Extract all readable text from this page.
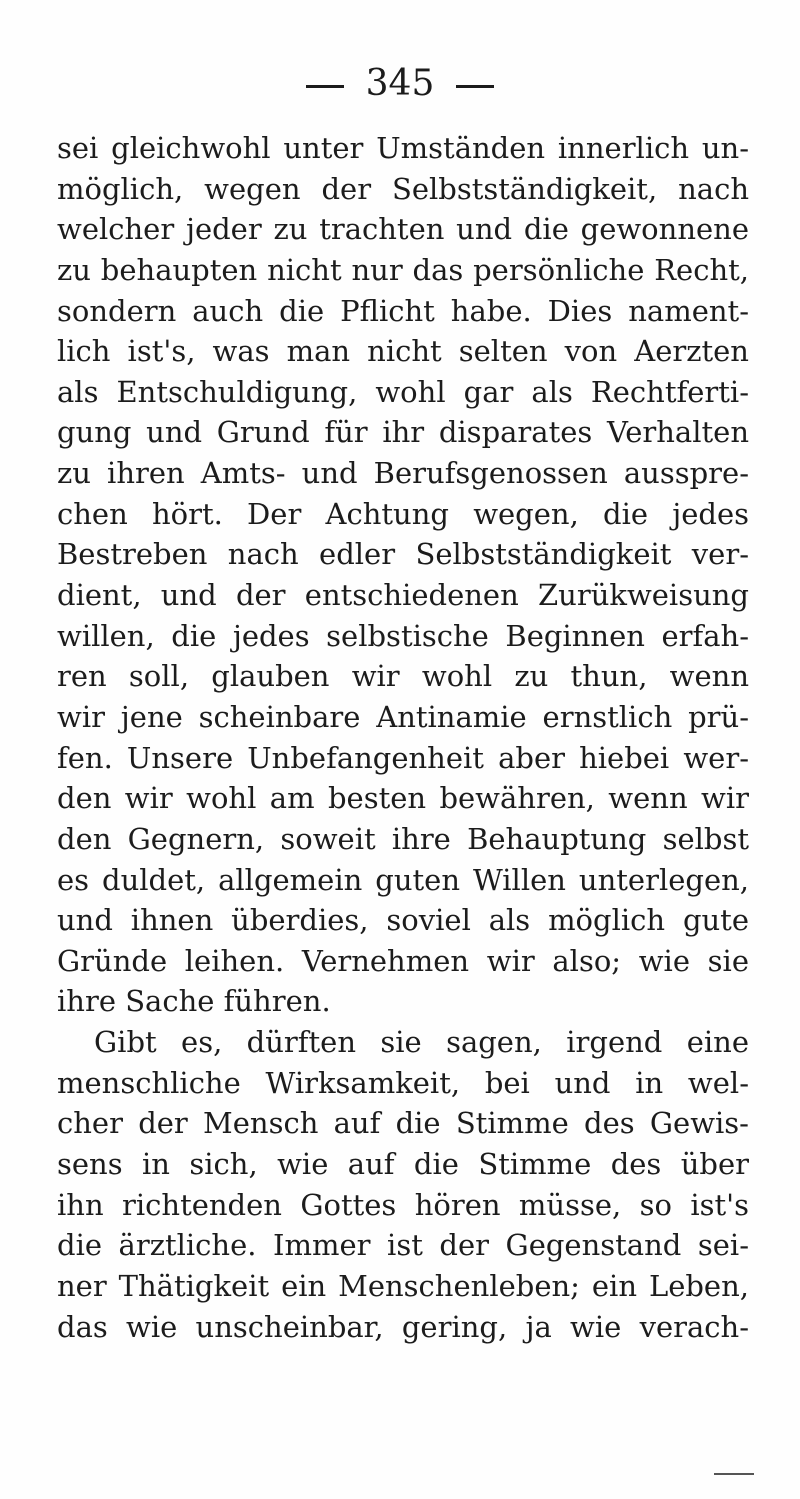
345
sei gleichwohl unter Umständen innerlich un-
möglich, wegen der Selbstständigkeit, nach
welcher jeder zu trachten und die gewonnene
zu behaupten nicht nur das persönliche Recht,
sondern auch die Pflicht habe. Dies nament-
lich ist's, was man nicht selten von Aerzten
als Entschuldigung, wohl gar als Rechtferti-
gung und Grund für ihr disparates Verhalten
zu ihren Amts- und Berufsgenossen ausspre-
chen hört. Der Achtung wegen, die jedes
Bestreben nach edler Selbstständigkeit ver-
dient, und der entschiedenen Zurükweisung
willen, die jedes selbstische Beginnen erfah-
ren soll, glauben wir wohl zu thun, wenn
wir jene scheinbare Antinamie ernstlich prü-
fen. Unsere Unbefangenheit aber hiebei wer-
den wir wohl am besten bewähren, wenn wir
den Gegnern, soweit ihre Behauptung selbst
es duldet, allgemein guten Willen unterlegen,
und ihnen überdies, soviel als möglich gute
Gründe leihen. Vernehmen wir also; wie sie
ihre Sache führen.
Gibt es, dürften sie sagen, irgend eine
menschliche Wirksamkeit, bei und in wel-
cher der Mensch auf die Stimme des Gewis-
sens in sich, wie auf die Stimme des über
ihn richtenden Gottes hören müsse, so ist's
die ärztliche. Immer ist der Gegenstand sei-
ner Thätigkeit ein Menschenleben; ein Leben,
das wie unscheinbar, gering, ja wie verach-
